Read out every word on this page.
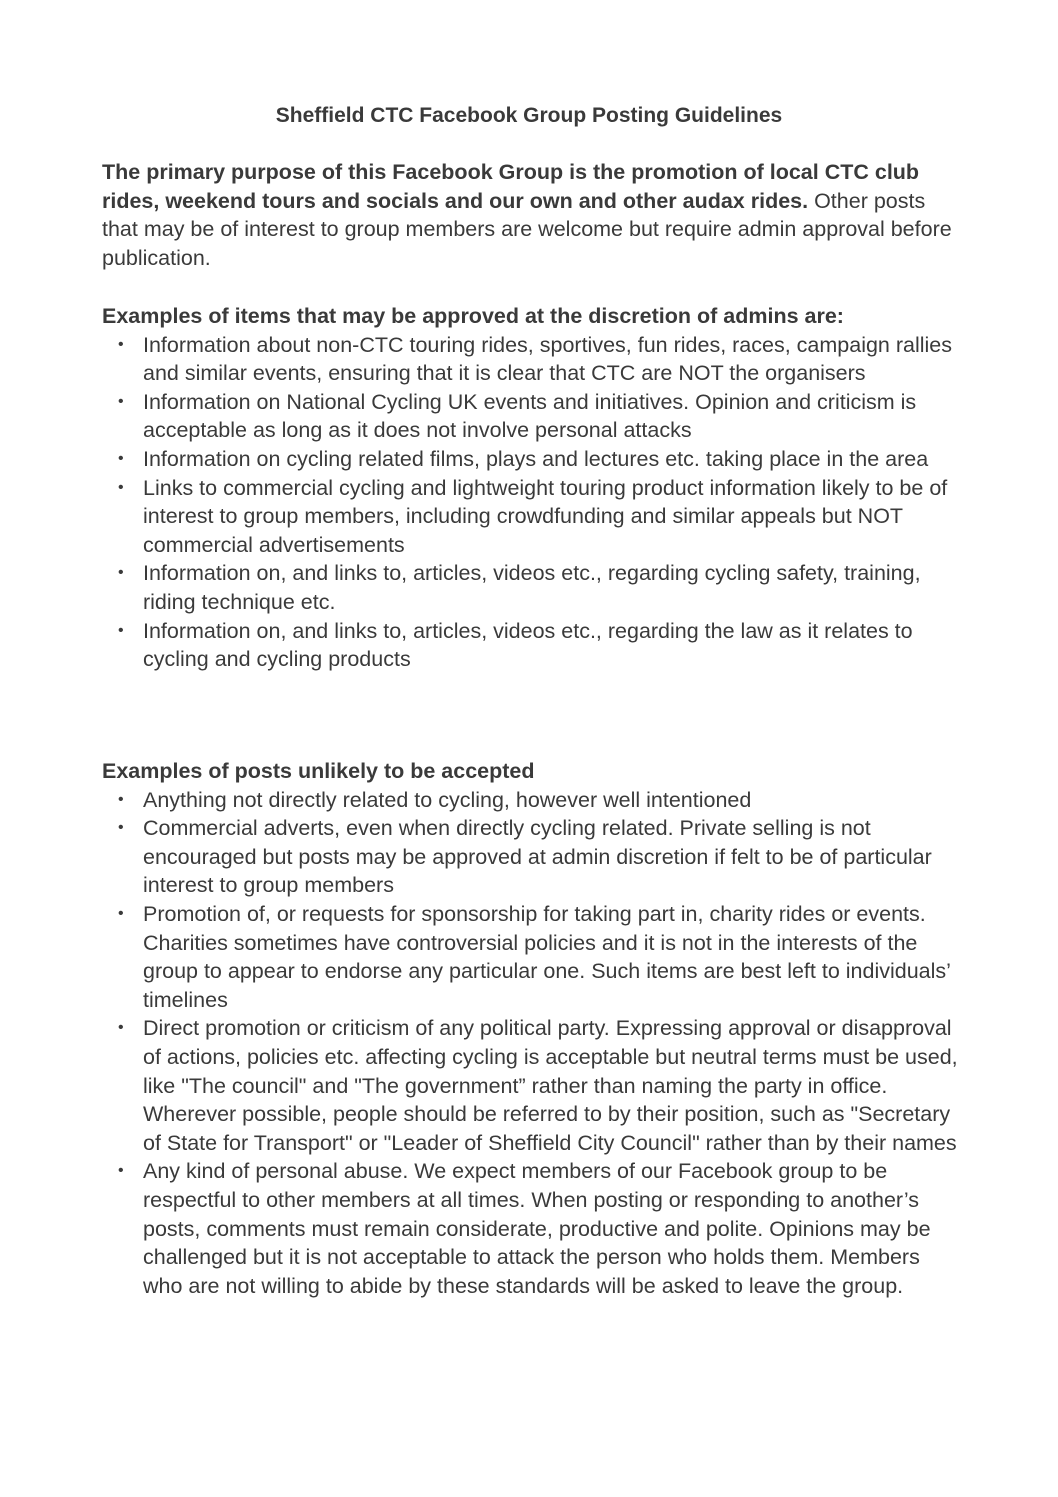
Sheffield CTC Facebook Group Posting Guidelines

The primary purpose of this Facebook Group is the promotion of local CTC club rides, weekend tours and socials and our own and other audax rides. Other posts that may be of interest to group members are welcome but require admin approval before publication.

Examples of items that may be approved at the discretion of admins are:
• Information about non-CTC touring rides, sportives, fun rides, races, campaign rallies and similar events, ensuring that it is clear that CTC are NOT the organisers
• Information on National Cycling UK events and initiatives. Opinion and criticism is acceptable as long as it does not involve personal attacks
• Information on cycling related films, plays and lectures etc. taking place in the area
• Links to commercial cycling and lightweight touring product information likely to be of interest to group members, including crowdfunding and similar appeals but NOT commercial advertisements
• Information on, and links to, articles, videos etc., regarding cycling safety, training, riding technique etc.
• Information on, and links to, articles, videos etc., regarding the law as it relates to cycling and cycling products
Examples of posts unlikely to be accepted
• Anything not directly related to cycling, however well intentioned
• Commercial adverts, even when directly cycling related. Private selling is not encouraged but posts may be approved at admin discretion if felt to be of particular interest to group members
• Promotion of, or requests for sponsorship for taking part in, charity rides or events. Charities sometimes have controversial policies and it is not in the interests of the group to appear to endorse any particular one. Such items are best left to individuals’ timelines
• Direct promotion or criticism of any political party. Expressing approval or disapproval of actions, policies etc. affecting cycling is acceptable but neutral terms must be used, like "The council" and "The government” rather than naming the party in office. Wherever possible, people should be referred to by their position, such as "Secretary of State for Transport" or "Leader of Sheffield City Council" rather than by their names
• Any kind of personal abuse. We expect members of our Facebook group to be respectful to other members at all times. When posting or responding to another’s posts, comments must remain considerate, productive and polite. Opinions may be challenged but it is not acceptable to attack the person who holds them. Members who are not willing to abide by these standards will be asked to leave the group.
